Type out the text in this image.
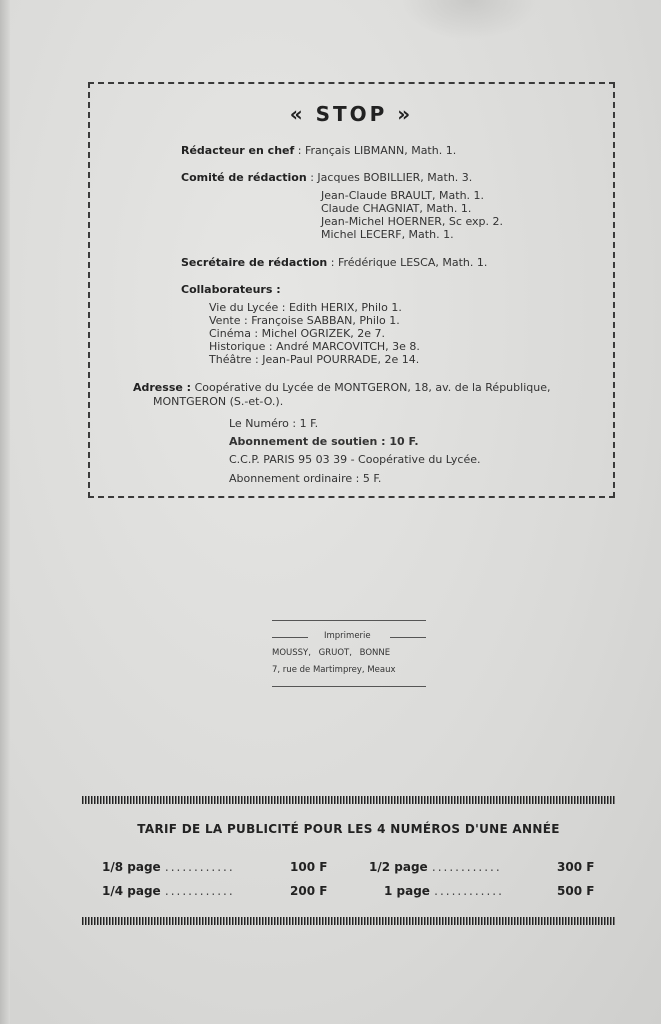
« STOP »
Rédacteur en chef : Français LIBMANN, Math. 1.
Comité de rédaction : Jacques BOBILLIER, Math. 3.
Jean-Claude BRAULT, Math. 1.
Claude CHAGNIAT, Math. 1.
Jean-Michel HOERNER, Sc exp. 2.
Michel LECERF, Math. 1.
Secrétaire de rédaction : Frédérique LESCA, Math. 1.
Collaborateurs :
Vie du Lycée : Edith HERIX, Philo 1.
Vente : Françoise SABBAN, Philo 1.
Cinéma : Michel OGRIZEK, 2e 7.
Historique : André MARCOVITCH, 3e 8.
Théâtre : Jean-Paul POURRADE, 2e 14.
Adresse : Coopérative du Lycée de MONTGERON, 18, av. de la République,
MONTGERON (S.-et-O.).
Le Numéro : 1 F.
Abonnement de soutien : 10 F.
C.C.P. PARIS 95 03 39 - Coopérative du Lycée.
Abonnement ordinaire : 5 F.
Imprimerie
MOUSSY, GRUOT, BONNE
7, rue de Martimprey, Meaux
TARIF DE LA PUBLICITÉ POUR LES 4 NUMÉROS D'UNE ANNÉE
1/8 page ............	100 F
1/4 page ............	200 F
1/2 page ............	300 F
1 page ............	500 F
